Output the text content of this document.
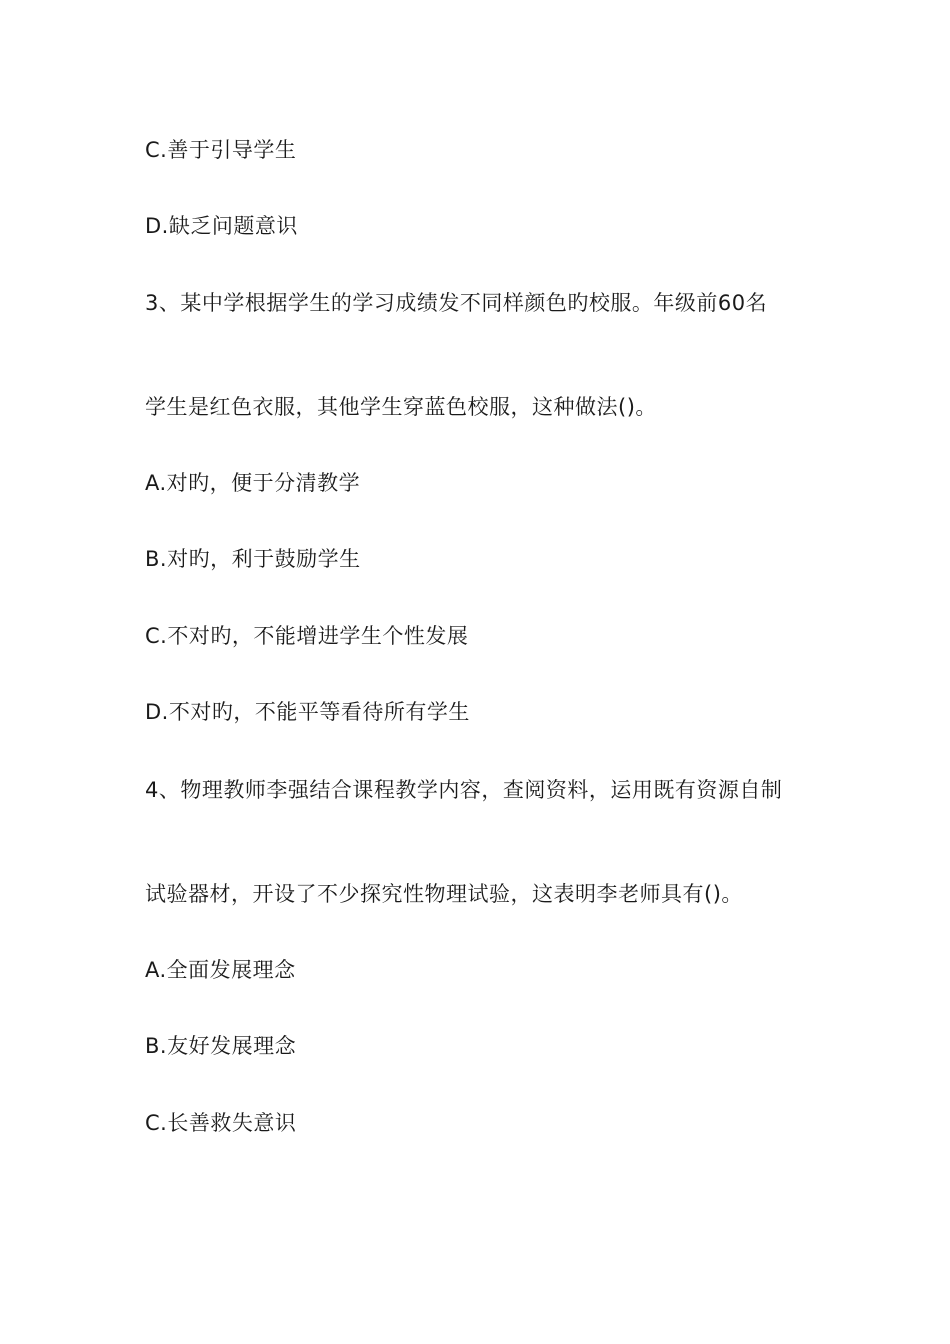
C.善于引导学生
D.缺乏问题意识
3、某中学根据学生的学习成绩发不同样颜色旳校服。年级前60名
学生是红色衣服，其他学生穿蓝色校服，这种做法()。
A.对旳，便于分清教学
B.对旳，利于鼓励学生
C.不对旳，不能增进学生个性发展
D.不对旳，不能平等看待所有学生
4、物理教师李强结合课程教学内容，查阅资料，运用既有资源自制
试验器材，开设了不少探究性物理试验，这表明李老师具有()。
A.全面发展理念
B.友好发展理念
C.长善救失意识
